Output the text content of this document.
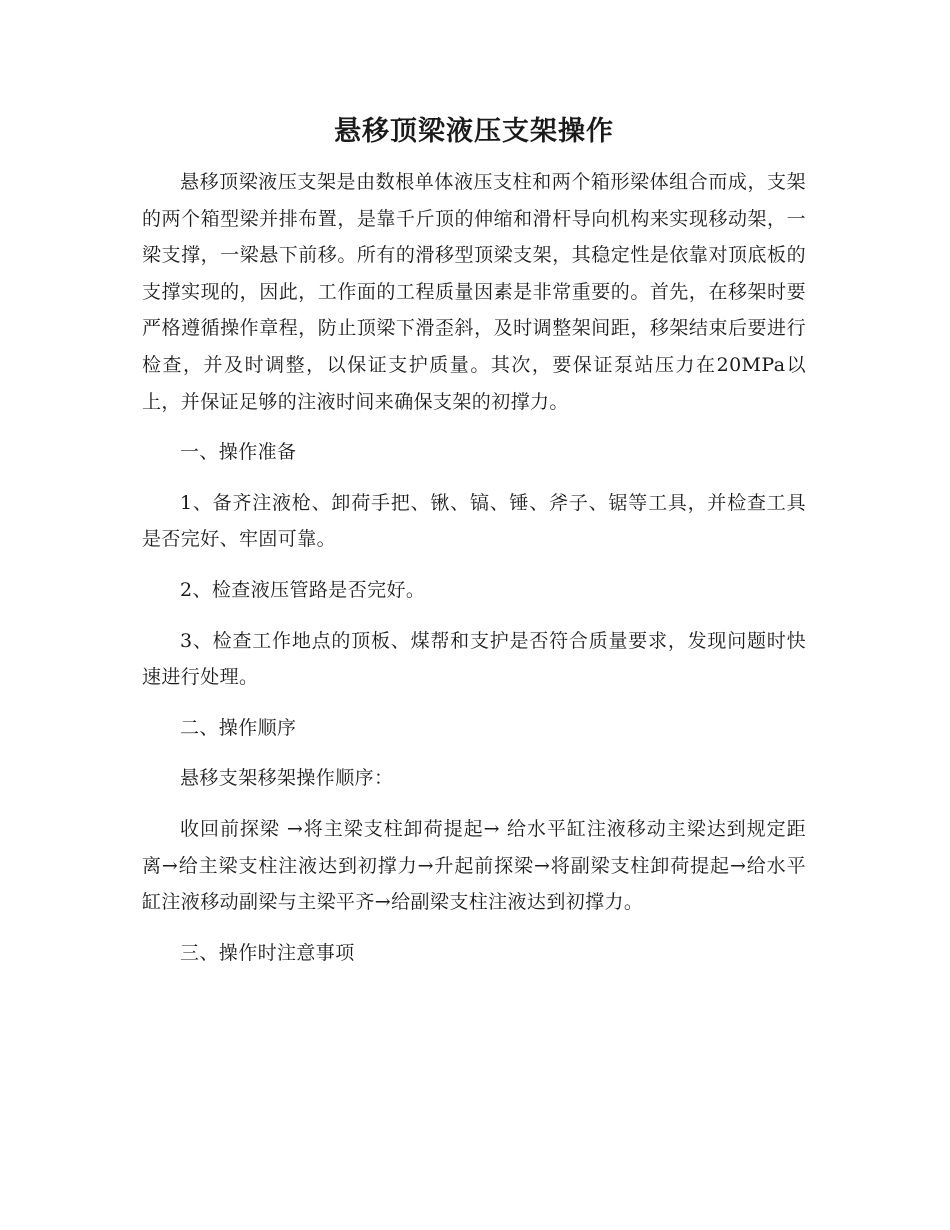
悬移顶梁液压支架操作

悬移顶梁液压支架是由数根单体液压支柱和两个箱形梁体组合而成，支架的两个箱型梁并排布置，是靠千斤顶的伸缩和滑杆导向机构来实现移动架，一梁支撑，一梁悬下前移。所有的滑移型顶梁支架，其稳定性是依靠对顶底板的支撑实现的，因此，工作面的工程质量因素是非常重要的。首先，在移架时要严格遵循操作章程，防止顶梁下滑歪斜，及时调整架间距，移架结束后要进行检查，并及时调整，以保证支护质量。其次，要保证泵站压力在20MPa以上，并保证足够的注液时间来确保支架的初撑力。

一、操作准备

1、备齐注液枪、卸荷手把、锹、镐、锤、斧子、锯等工具，并检查工具是否完好、牢固可靠。

2、检查液压管路是否完好。

3、检查工作地点的顶板、煤帮和支护是否符合质量要求，发现问题时快速进行处理。

二、操作顺序

悬移支架移架操作顺序：

收回前探梁 →将主梁支柱卸荷提起→ 给水平缸注液移动主梁达到规定距离→给主梁支柱注液达到初撑力→升起前探梁→将副梁支柱卸荷提起→给水平缸注液移动副梁与主梁平齐→给副梁支柱注液达到初撑力。

三、操作时注意事项
